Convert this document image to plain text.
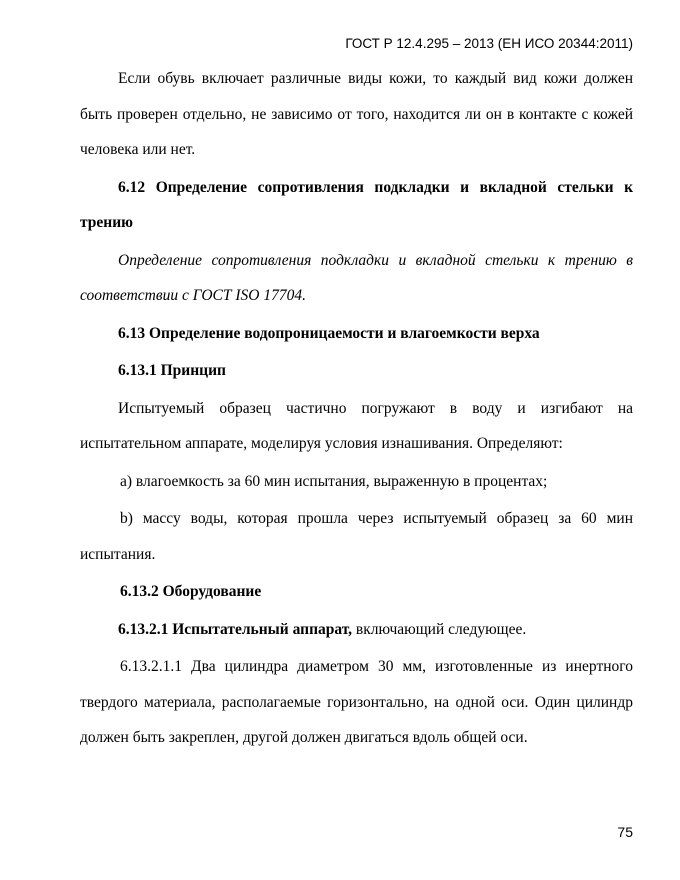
ГОСТ Р 12.4.295 – 2013 (ЕН ИСО 20344:2011)

Если обувь включает различные виды кожи, то каждый вид кожи должен быть проверен отдельно, не зависимо от того, находится ли он в контакте с кожей человека или нет.

6.12 Определение сопротивления подкладки и вкладной стельки к трению

Определение сопротивления подкладки и вкладной стельки к трению в соответствии с ГОСТ ISO 17704.

6.13 Определение водопроницаемости и влагоемкости верха

6.13.1 Принцип

Испытуемый образец частично погружают в воду и изгибают на испытательном аппарате, моделируя условия изнашивания. Определяют:

а) влагоемкость за 60 мин испытания, выраженную в процентах;

b) массу воды, которая прошла через испытуемый образец за 60 мин испытания.

6.13.2 Оборудование

6.13.2.1 Испытательный аппарат, включающий следующее.

6.13.2.1.1 Два цилиндра диаметром 30 мм, изготовленные из инертного твердого материала, располагаемые горизонтально, на одной оси. Один цилиндр должен быть закреплен, другой должен двигаться вдоль общей оси.

75
